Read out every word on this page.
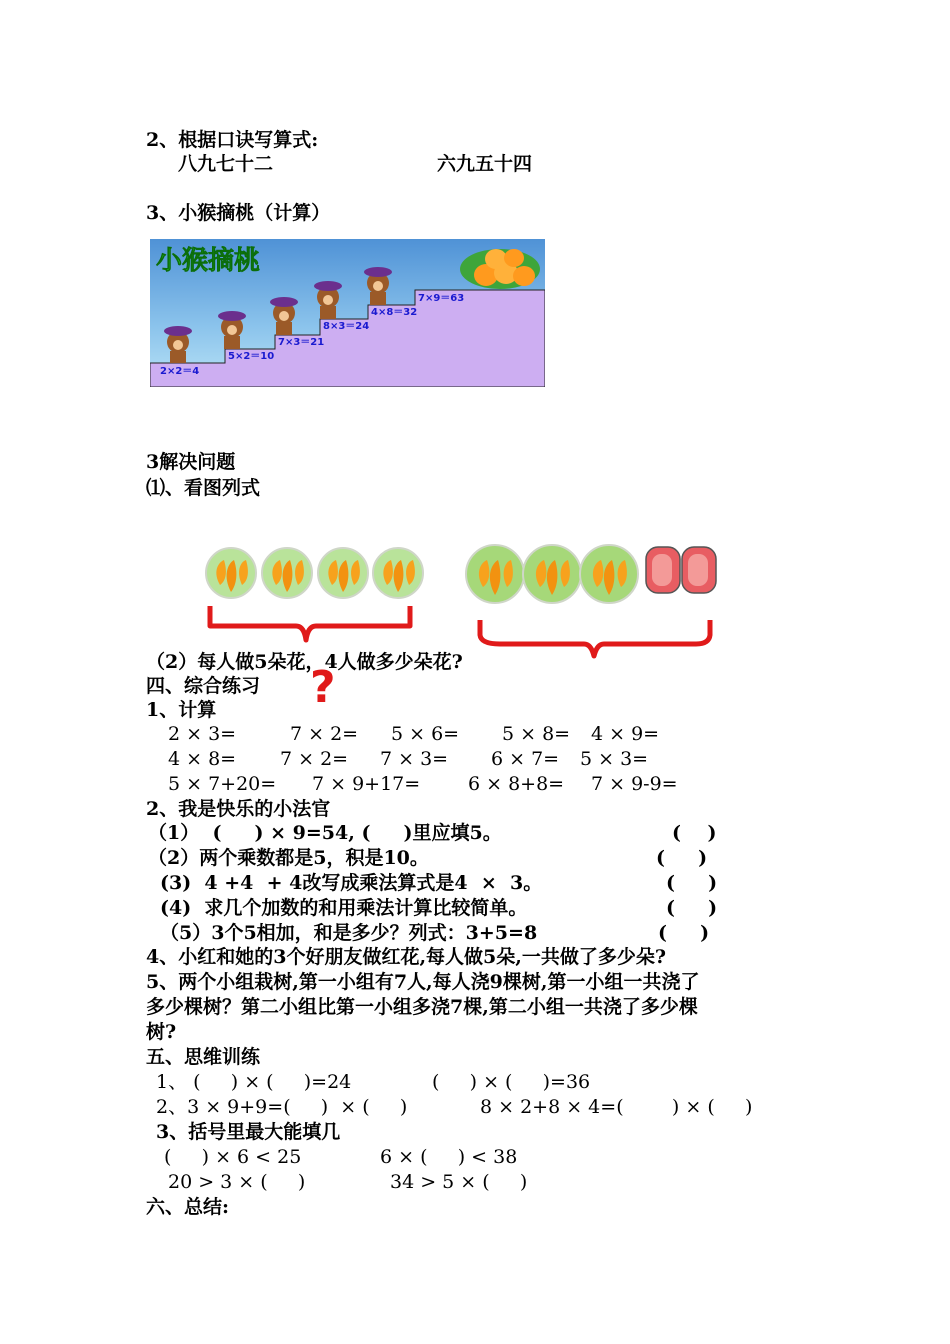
2、根据口诀写算式:
八九七十二	六九五十四
3、小猴摘桃（计算）
小猴摘桃
2×2＝4
5×2＝10
7×3＝21
8×3＝24
4×8＝32
7×9＝63
3解决问题
⑴、看图列式
?
（2）每人做5朵花，4人做多少朵花?
四、综合练习
1、计算
2 × 3=	7 × 2= 5 × 6= 5 × 8= 4 × 9=
4 × 8= 7 × 2= 7 × 3= 6 × 7= 5 × 3=
5 × 7+20= 7 × 9+17=	6 × 8+8= 7 × 9-9=
2、我是快乐的小法官
（1）  (     ) × 9=54, (     )里应填5。	(    )
（2）两个乘数都是5，积是10。	(     )
(3)  4 +4  + 4改写成乘法算式是4  ×  3。	(     )
(4)  求几个加数的和用乘法计算比较简单。	(     )
（5）3个5相加，和是多少？列式：3+5=8	(     )
4、小红和她的3个好朋友做红花,每人做5朵,一共做了多少朵?
5、两个小组栽树,第一小组有7人,每人浇9棵树,第一小组一共浇了
多少棵树？第二小组比第一小组多浇7棵,第二小组一共浇了多少棵
树?
五、思维训练
1、 (     ) × (     )=24	(     ) × (     )=36
2、3 × 9+9=(     )  × (     )	8 × 2+8 × 4=(        ) × (     )
3、括号里最大能填几
(     ) × 6 < 25	6 × (     ) < 38
20 > 3 × (     )	34 > 5 × (     )
六、总结:
